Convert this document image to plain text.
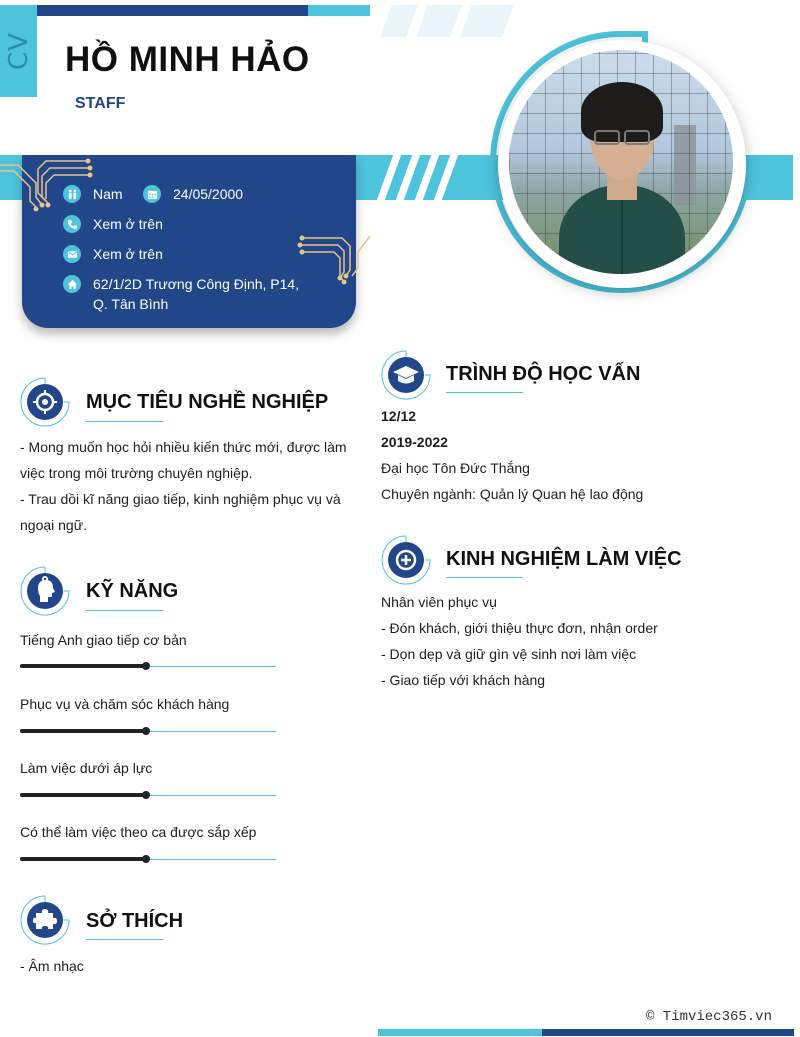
CV HỒ MINH HẢO
STAFF
Nam	24/05/2000
Xem ở trên
Xem ở trên
62/1/2D Trương Công Định, P14,
Q. Tân Bình
MỤC TIÊU NGHỀ NGHIỆP
- Mong muốn học hỏi nhiều kiến thức mới, được làm
việc trong môi trường chuyên nghiệp.
- Trau dồi kĩ năng giao tiếp, kinh nghiệm phục vụ và
ngoại ngữ.
KỸ NĂNG
Tiếng Anh giao tiếp cơ bản
Phục vụ và chăm sóc khách hàng
Làm việc dưới áp lực
Có thể làm việc theo ca được sắp xếp
SỞ THÍCH
- Âm nhạc
TRÌNH ĐỘ HỌC VẤN
12/12
2019-2022
Đại học Tôn Đức Thắng
Chuyên ngành: Quản lý Quan hệ lao động
KINH NGHIỆM LÀM VIỆC
Nhân viên phục vụ
- Đón khách, giới thiệu thực đơn, nhận order
- Dọn dẹp và giữ gìn vệ sinh nơi làm việc
- Giao tiếp với khách hàng
© Timviec365.vn
